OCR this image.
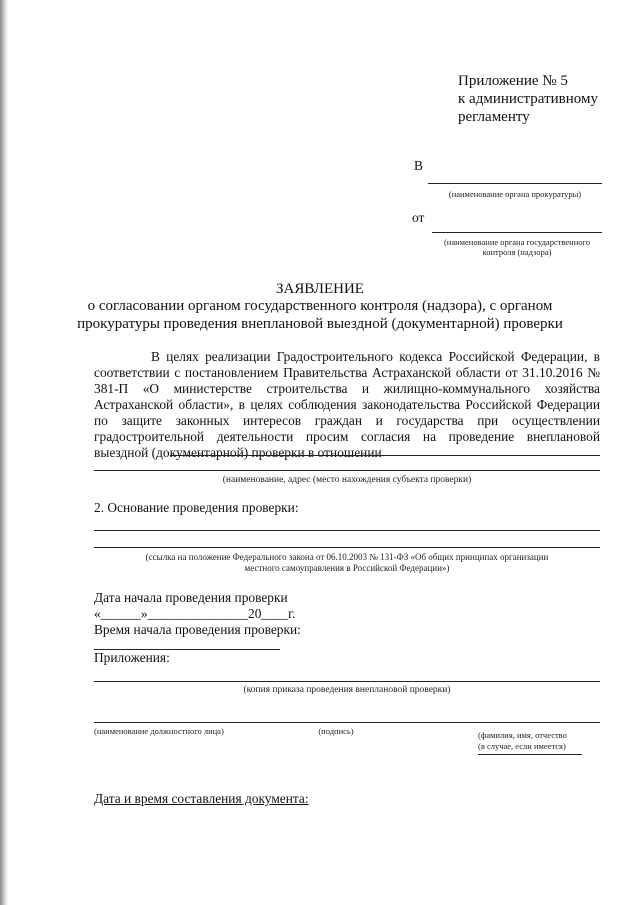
Приложение № 5
к административному
регламенту
В
(наименование органа прокуратуры)
от
(наименование органа государственного
контроля (надзора)
ЗАЯВЛЕНИЕ
о согласовании органом государственного контроля (надзора), с органом
прокуратуры проведения внеплановой выездной (документарной) проверки

В целях реализации Градостроительного кодекса Российской Федерации, в соответствии с постановлением Правительства Астраханской области от 31.10.2016 № 381-П «О министерстве строительства и жилищно-коммунального хозяйства Астраханской области», в целях соблюдения законодательства Российской Федерации по защите законных интересов граждан и государства при осуществлении градостроительной деятельности просим согласия на проведение внеплановой выездной (документарной) проверки в отношении

(наименование, адрес (место нахождения субъекта проверки)
2. Основание проведения проверки:
(ссылка на положение Федерального закона от 06.10.2003 № 131-ФЗ «Об общих принципах организации
местного самоуправления в Российской Федерации»)
Дата начала проведения проверки
«______»_______________20____г.
Время начала проведения проверки:
Приложения:
(копия приказа проведения внеплановой проверки)
(наименование должностного лица)	(подпись)	(фамилия, имя, отчество
(в случае, если имеется)
Дата и время составления документа:
